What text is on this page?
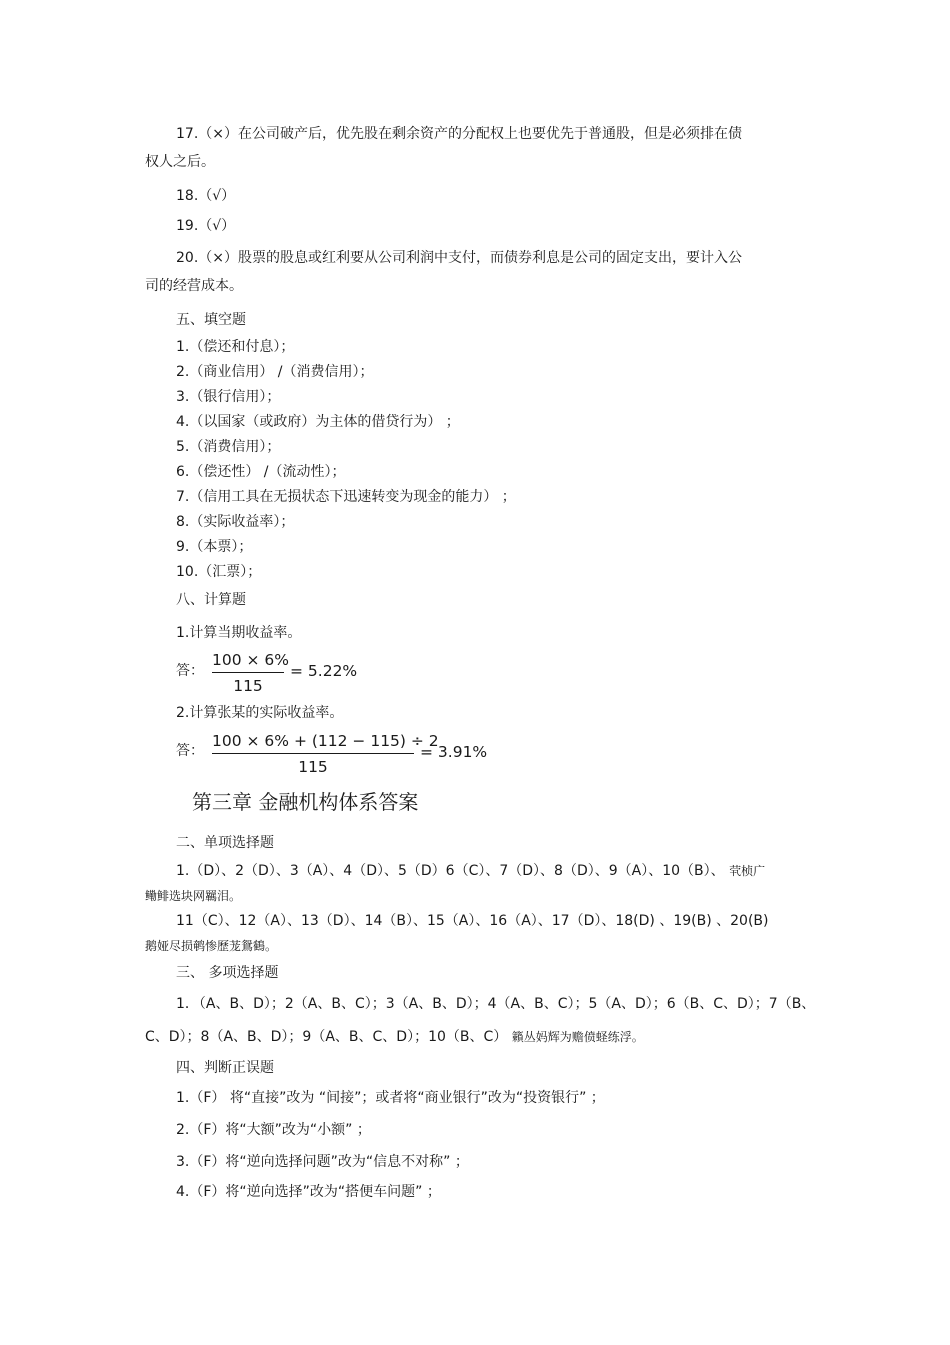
17.（×）在公司破产后，优先股在剩余资产的分配权上也要优先于普通股，但是必须排在债
权人之后。
18.（√）
19.（√）
20.（×）股票的股息或红利要从公司利润中支付，而债券利息是公司的固定支出，要计入公
司的经营成本。
五、填空题
1.（偿还和付息）；
2.（商业信用） /（消费信用）；
3.（银行信用）；
4.（以国家（或政府）为主体的借贷行为） ；
5.（消费信用）；
6.（偿还性） /（流动性）；
7.（信用工具在无损状态下迅速转变为现金的能力） ；
8.（实际收益率）；
9.（本票）；
10.（汇票）；
八、计算题
1.计算当期收益率。
答：
100 × 6%
115
= 5.22%
2.计算张某的实际收益率。
答：
100 × 6% + (112 − 115) ÷ 2
115
= 3.91%
第三章 金融机构体系答案
二、单项选择题
1.（D）、2（D）、3（A）、4（D）、5（D）6（C）、7（D）、8（D）、9（A）、10（B）、 茕桢广
鳓鲱选块网羈泪。
11（C）、12（A）、13（D）、14（B）、15（A）、16（A）、17（D）、18(D) 、19(B) 、20(B)
鹅娅尽损鹌惨歷茏鴛鶴。
三、 多项选择题
1．（A、B、D）；2（A、B、C）；3（A、B、D）；4（A、B、C）；5（A、D）；6（B、C、D）；7（B、
C、D）；8（A、B、D）；9（A、B、C、D）；10（B、C） 籟丛妈辉为赡偾蛏练浮。
四、判断正误题
1.（F） 将“直接”改为 “间接”；或者将“商业银行”改为“投资银行” ；
2.（F）将“大额”改为“小额” ；
3.（F）将“逆向选择问题”改为“信息不对称” ；
4.（F）将“逆向选择”改为“搭便车问题” ；
